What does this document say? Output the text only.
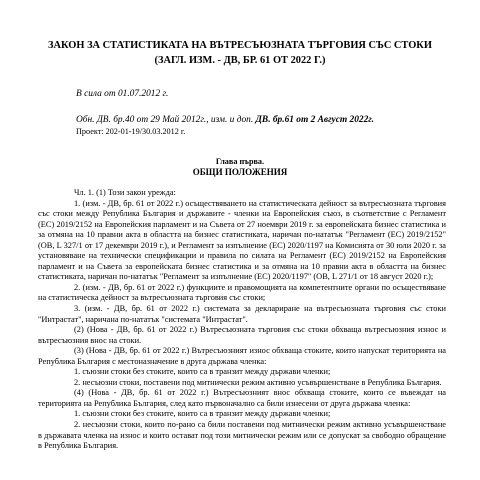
ЗАКОН ЗА СТАТИСТИКАТА НА ВЪТРЕСЪЮЗНАТА ТЪРГОВИЯ СЪС СТОКИ (ЗАГЛ. ИЗМ. - ДВ, БР. 61 ОТ 2022 Г.)
В сила от 01.07.2012 г.
Обн. ДВ. бр.40 от 29 Май 2012г., изм. и доп. ДВ. бр.61 от 2 Август 2022г.
Проект: 202-01-19/30.03.2012 г.
Глава първа.
ОБЩИ ПОЛОЖЕНИЯ

Чл. 1. (1) Този закон урежда:

1. (изм. - ДВ, бр. 61 от 2022 г.) осъществяването на статистическата дейност за вътресъюзната търговия със стоки между Република България и държавите - членки на Европейския съюз, в съответствие с Регламент (ЕС) 2019/2152 на Европейския парламент и на Съвета от 27 ноември 2019 г. за европейската бизнес статистика и за отмяна на 10 правни акта в областта на бизнес статистиката, наричан по-нататък "Регламент (ЕС) 2019/2152" (OB, L 327/1 от 17 декември 2019 г.), и Регламент за изпълнение (ЕС) 2020/1197 на Комисията от 30 юли 2020 г. за установяване на технически спецификации и правила по силата на Регламент (ЕС) 2019/2152 на Европейския парламент и на Съвета за европейската бизнес статистика и за отмяна на 10 правни акта в областта на бизнес статистиката, наричан по-нататък "Регламент за изпълнение (ЕС) 2020/1197" (OB, L 271/1 от 18 август 2020 г.);

2. (изм. - ДВ, бр. 61 от 2022 г.) функциите и правомощията на компетентните органи по осъществяване на статистическа дейност за вътресъюзната търговия със стоки;

3. (изм. - ДВ, бр. 61 от 2022 г.) системата за деклариране на вътресъюзната търговия със стоки "Интрастат", наричана по-нататък "системата "Интрастат".

(2) (Нова - ДВ, бр. 61 от 2022 г.) Вътресъюзната търговия със стоки обхваща вътресъюзния износ и вътресъюзния внос на стоки.

(3) (Нова - ДВ, бр. 61 от 2022 г.) Вътресъюзният износ обхваща стоките, които напускат територията на Република България с местоназначение в друга държава членка:

1. съюзни стоки без стоките, които са в транзит между държави членки;

2. несъюзни стоки, поставени под митнически режим активно усъвършенстване в Република България.

(4) (Нова - ДВ, бр. 61 от 2022 г.) Вътресъюзният внос обхваща стоките, които се въвеждат на територията на Република България, след като първоначално са били изнесени от друга държава членка:

1. съюзни стоки без стоките, които са в транзит между държави членки;

2. несъюзни стоки, които по-рано са били поставени под митнически режим активно усъвършенстване в държавата членка на износ и които остават под този митнически режим или се допускат за свободно обращение в Република България.
